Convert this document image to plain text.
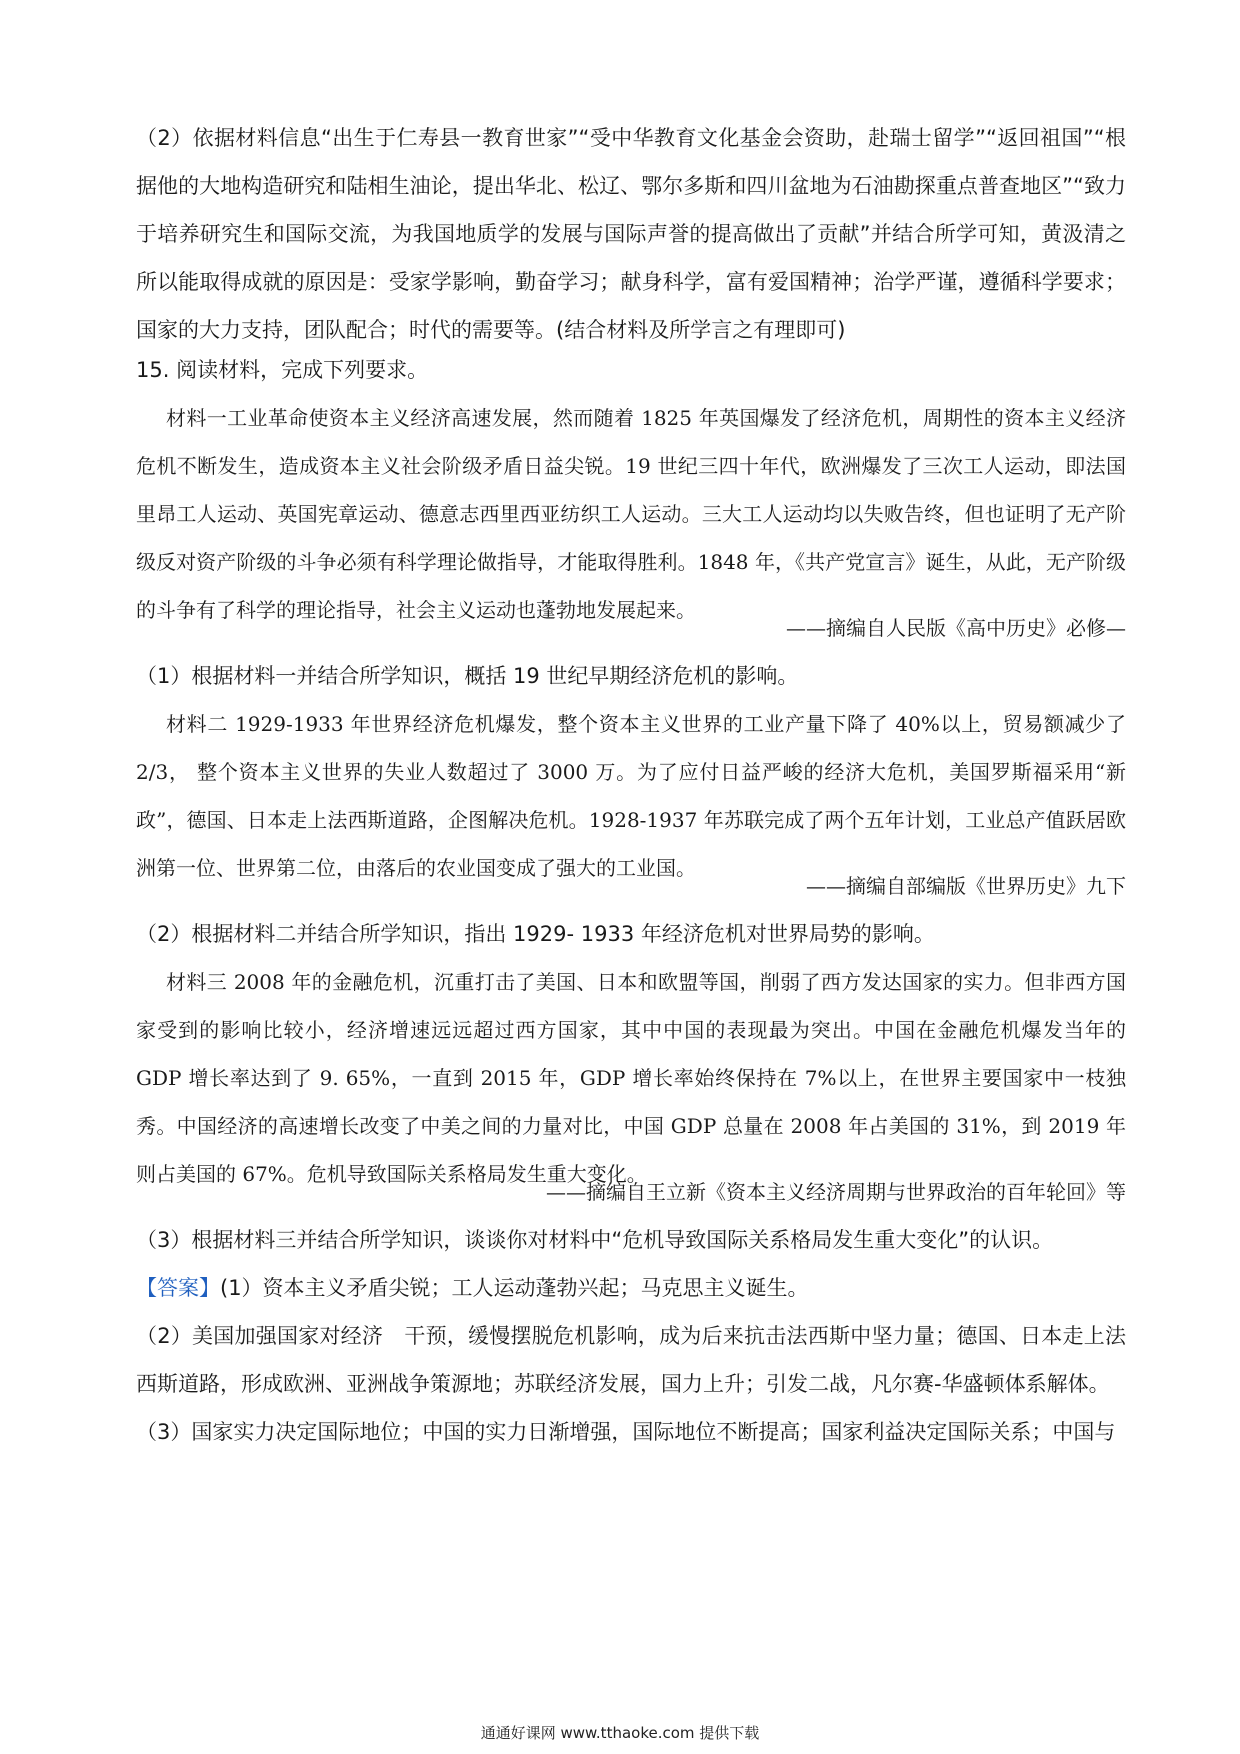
（2）依据材料信息“出生于仁寿县一教育世家”“受中华教育文化基金会资助，赴瑞士留学”“返回祖国”“根据他的大地构造研究和陆相生油论，提出华北、松辽、鄂尔多斯和四川盆地为石油勘探重点普查地区”“致力于培养研究生和国际交流，为我国地质学的发展与国际声誉的提高做出了贡献”并结合所学可知，黄汲清之所以能取得成就的原因是：受家学影响，勤奋学习；献身科学，富有爱国精神；治学严谨，遵循科学要求；国家的大力支持，团队配合；时代的需要等。(结合材料及所学言之有理即可)
15. 阅读材料，完成下列要求。
材料一工业革命使资本主义经济高速发展，然而随着 1825 年英国爆发了经济危机，周期性的资本主义经济危机不断发生，造成资本主义社会阶级矛盾日益尖锐。19 世纪三四十年代，欧洲爆发了三次工人运动，即法国里昂工人运动、英国宪章运动、德意志西里西亚纺织工人运动。三大工人运动均以失败告终，但也证明了无产阶级反对资产阶级的斗争必须有科学理论做指导，才能取得胜利。1848 年，《共产党宣言》诞生，从此，无产阶级的斗争有了科学的理论指导，社会主义运动也蓬勃地发展起来。
——摘编自人民版《高中历史》必修—
（1）根据材料一并结合所学知识，概括 19 世纪早期经济危机的影响。
材料二 1929-1933 年世界经济危机爆发，整个资本主义世界的工业产量下降了 40%以上，贸易额减少了 2/3， 整个资本主义世界的失业人数超过了 3000 万。为了应付日益严峻的经济大危机，美国罗斯福采用“新政”，德国、日本走上法西斯道路，企图解决危机。1928-1937 年苏联完成了两个五年计划，工业总产值跃居欧洲第一位、世界第二位，由落后的农业国变成了强大的工业国。
——摘编自部编版《世界历史》九下
（2）根据材料二并结合所学知识，指出 1929- 1933 年经济危机对世界局势的影响。
材料三 2008 年的金融危机，沉重打击了美国、日本和欧盟等国，削弱了西方发达国家的实力。但非西方国家受到的影响比较小，经济增速远远超过西方国家，其中中国的表现最为突出。中国在金融危机爆发当年的 GDP 增长率达到了 9. 65%，一直到 2015 年，GDP 增长率始终保持在 7%以上，在世界主要国家中一枝独秀。中国经济的高速增长改变了中美之间的力量对比，中国 GDP 总量在 2008 年占美国的 31%，到 2019 年则占美国的 67%。危机导致国际关系格局发生重大变化。
——摘编自王立新《资本主义经济周期与世界政治的百年轮回》等
（3）根据材料三并结合所学知识，谈谈你对材料中“危机导致国际关系格局发生重大变化”的认识。
【答案】(1）资本主义矛盾尖锐；工人运动蓬勃兴起；马克思主义诞生。
（2）美国加强国家对经济　干预，缓慢摆脱危机影响，成为后来抗击法西斯中坚力量；德国、日本走上法西斯道路，形成欧洲、亚洲战争策源地；苏联经济发展，国力上升；引发二战，凡尔赛-华盛顿体系解体。
（3）国家实力决定国际地位；中国的实力日渐增强，国际地位不断提高；国家利益决定国际关系；中国与
通通好课网 www.tthaoke.com 提供下载
